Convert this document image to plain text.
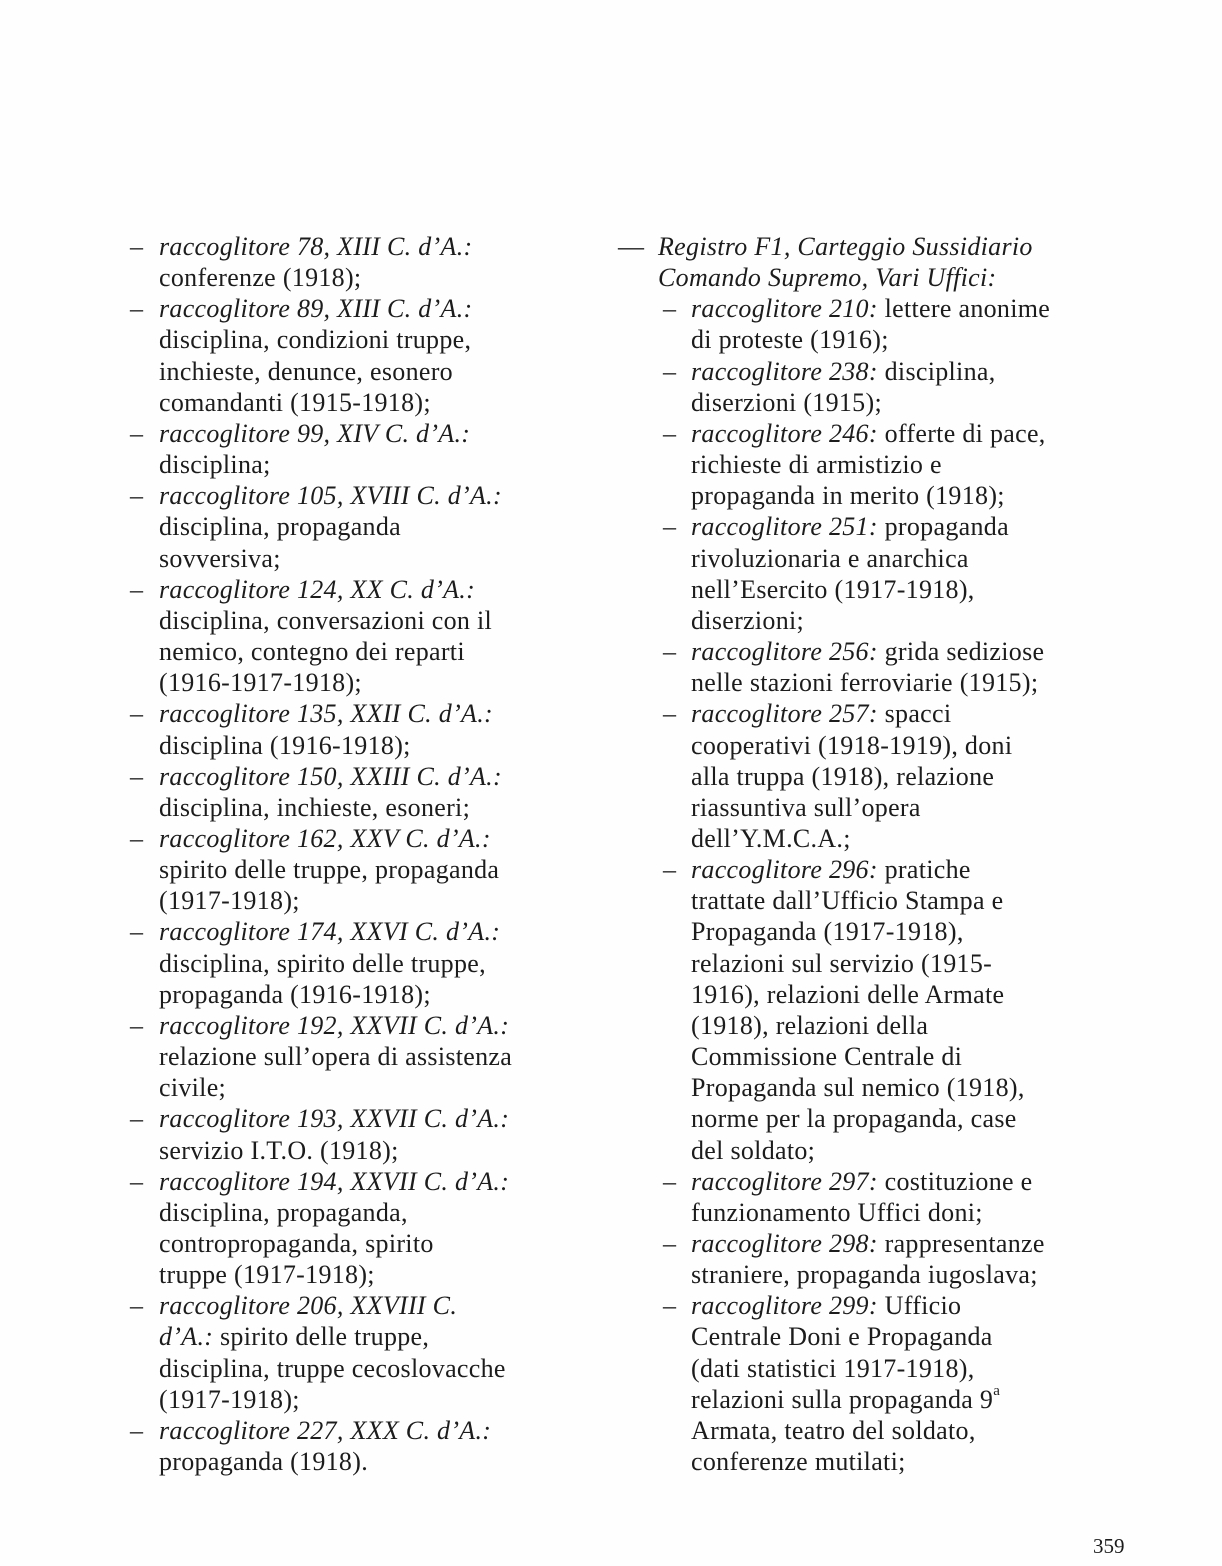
– raccoglitore 78, XIII C. d’A.:
conferenze (1918);
– raccoglitore 89, XIII C. d’A.:
disciplina, condizioni truppe,
inchieste, denunce, esonero
comandanti (1915-1918);
– raccoglitore 99, XIV C. d’A.:
disciplina;
– raccoglitore 105, XVIII C. d’A.:
disciplina, propaganda
sovversiva;
– raccoglitore 124, XX C. d’A.:
disciplina, conversazioni con il
nemico, contegno dei reparti
(1916-1917-1918);
– raccoglitore 135, XXII C. d’A.:
disciplina (1916-1918);
– raccoglitore 150, XXIII C. d’A.:
disciplina, inchieste, esoneri;
– raccoglitore 162, XXV C. d’A.:
spirito delle truppe, propaganda
(1917-1918);
– raccoglitore 174, XXVI C. d’A.:
disciplina, spirito delle truppe,
propaganda (1916-1918);
– raccoglitore 192, XXVII C. d’A.:
relazione sull’opera di assistenza
civile;
– raccoglitore 193, XXVII C. d’A.:
servizio I.T.O. (1918);
– raccoglitore 194, XXVII C. d’A.:
disciplina, propaganda,
contropropaganda, spirito
truppe (1917-1918);
– raccoglitore 206, XXVIII C.
d’A.: spirito delle truppe,
disciplina, truppe cecoslovacche
(1917-1918);
– raccoglitore 227, XXX C. d’A.:
propaganda (1918).
— Registro F1, Carteggio Sussidiario
Comando Supremo, Vari Uffici:
– raccoglitore 210: lettere anonime
di proteste (1916);
– raccoglitore 238: disciplina,
diserzioni (1915);
– raccoglitore 246: offerte di pace,
richieste di armistizio e
propaganda in merito (1918);
– raccoglitore 251: propaganda
rivoluzionaria e anarchica
nell’Esercito (1917-1918),
diserzioni;
– raccoglitore 256: grida sediziose
nelle stazioni ferroviarie (1915);
– raccoglitore 257: spacci
cooperativi (1918-1919), doni
alla truppa (1918), relazione
riassuntiva sull’opera
dell’Y.M.C.A.;
– raccoglitore 296: pratiche
trattate dall’Ufficio Stampa e
Propaganda (1917-1918),
relazioni sul servizio (1915-
1916), relazioni delle Armate
(1918), relazioni della
Commissione Centrale di
Propaganda sul nemico (1918),
norme per la propaganda, case
del soldato;
– raccoglitore 297: costituzione e
funzionamento Uffici doni;
– raccoglitore 298: rappresentanze
straniere, propaganda iugoslava;
– raccoglitore 299: Ufficio
Centrale Doni e Propaganda
(dati statistici 1917-1918),
relazioni sulla propaganda 9$^a$
Armata, teatro del soldato,
conferenze mutilati;
359
